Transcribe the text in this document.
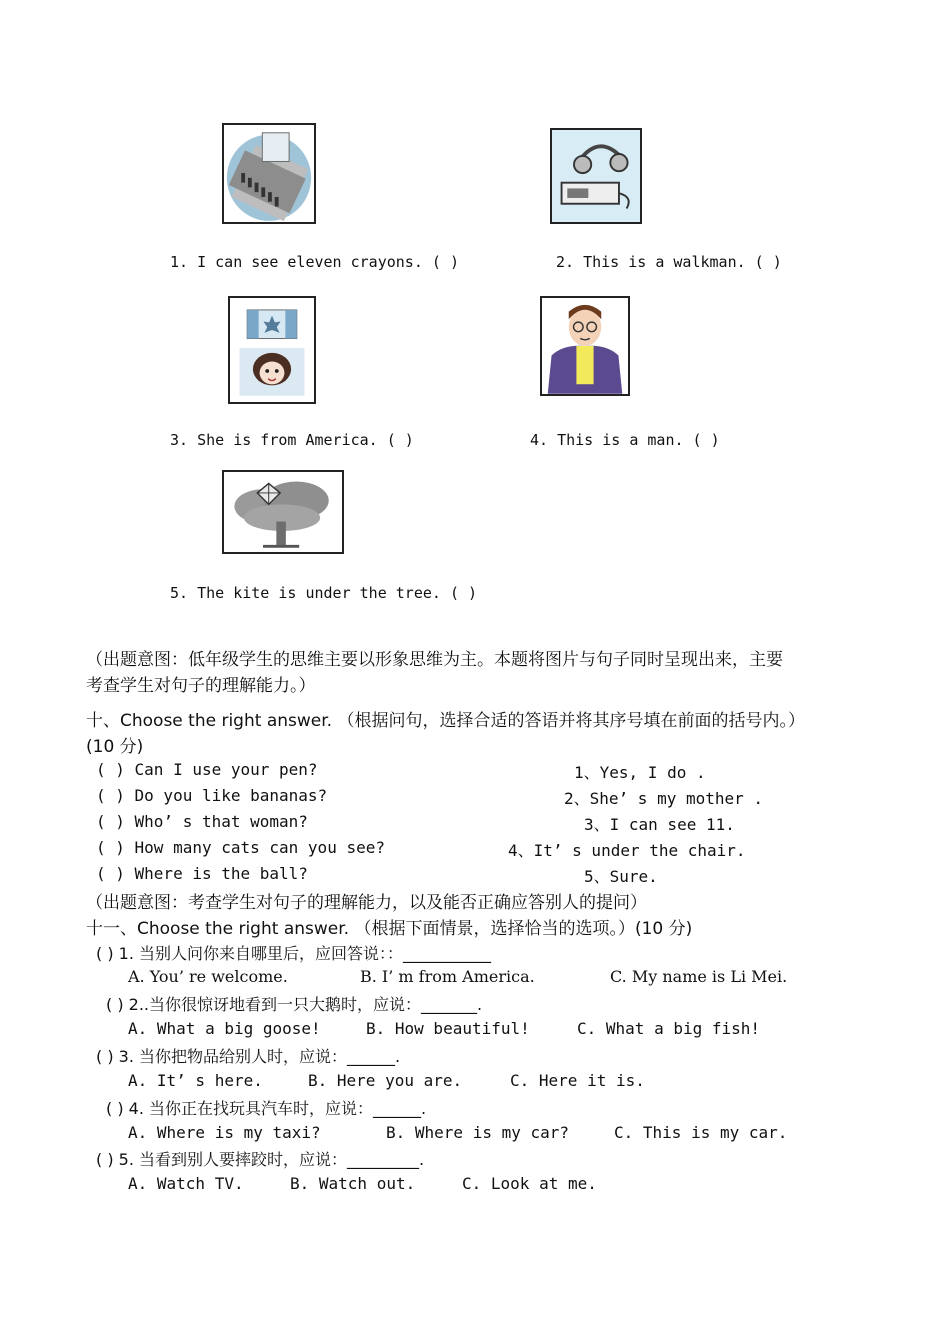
1. I can see eleven crayons. ( )	2. This is a walkman. ( )
3. She is from America. ( )	4. This is a man. ( )
5. The kite is under the tree. ( )
（出题意图：低年级学生的思维主要以形象思维为主。本题将图片与句子同时呈现出来，主要
考查学生对句子的理解能力。）
十、Choose the right answer. （根据问句，选择合适的答语并将其序号填在前面的括号内。）
(10 分)
( ) Can I use your pen?
( ) Do you like bananas?
( ) Who’ s that woman?
( ) How many cats can you see?
( ) Where is the ball?
1、Yes, I do .
2、She’ s my mother .
3、I can see 11.
4、It’ s under the chair.
5、Sure.
（出题意图：考查学生对句子的理解能力，以及能否正确应答别人的提问）
十一、Choose the right answer. （根据下面情景，选择恰当的选项。）(10 分)
( ) 1. 当别人问你来自哪里后，应回答说：：___________
A. You’ re welcome.	B. I’ m from America.	C. My name is Li Mei.
( ) 2..当你很惊讶地看到一只大鹅时，应说：_______.
A. What a big goose!	B. How beautiful!	C. What a big fish!
( ) 3. 当你把物品给别人时，应说：______.
A. It’ s here.	B. Here you are.	C. Here it is.
( ) 4. 当你正在找玩具汽车时，应说：______.
A. Where is my taxi?	B. Where is my car?	C. This is my car.
( ) 5. 当看到别人要摔跤时，应说：_________.
A. Watch TV.	B. Watch out.	C. Look at me.
